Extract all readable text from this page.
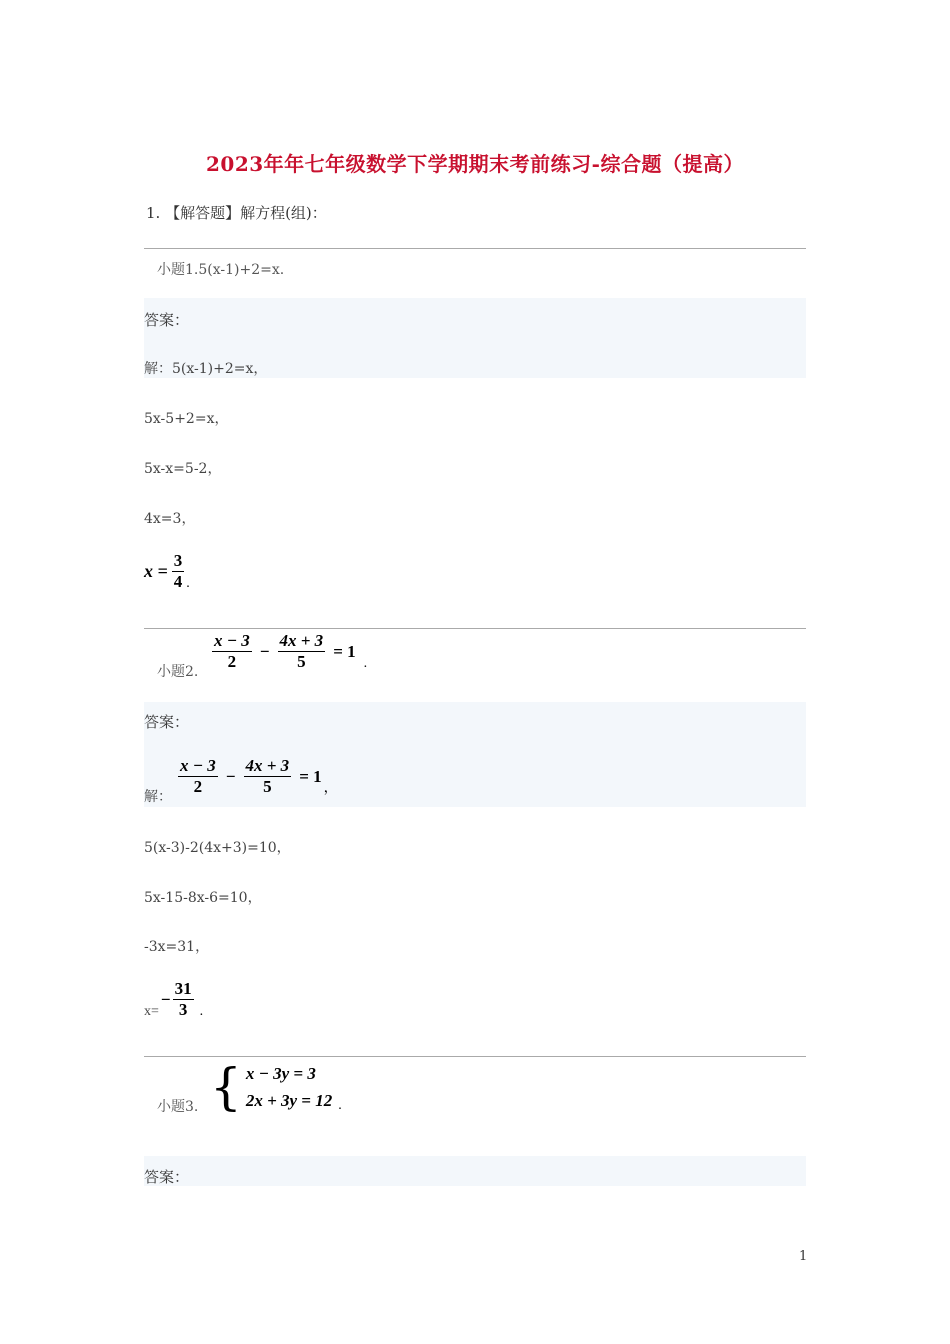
2023年年七年级数学下学期期末考前练习-综合题（提高）
1. 【解答题】解方程(组)：
小题1.5(x-1)+2=x.
答案：
解：5(x-1)+2=x，
5x-5+2=x，
5x-x=5-2，
4x=3，
$x = \frac{3}{4}$ .
小题2. $\frac{x - 3}{2} - \frac{4x + 3}{5} = 1$
.
答案：
解： $\frac{x - 3}{2} - \frac{4x + 3}{5} = 1$
，
5(x-3)-2(4x+3)=10，
5x-15-8x-6=10，
-3x=31，
x=
− $\frac{31}{3}$ .
小题3. { x − 3y = 3
2x + 3y = 12 .
答案：
1
